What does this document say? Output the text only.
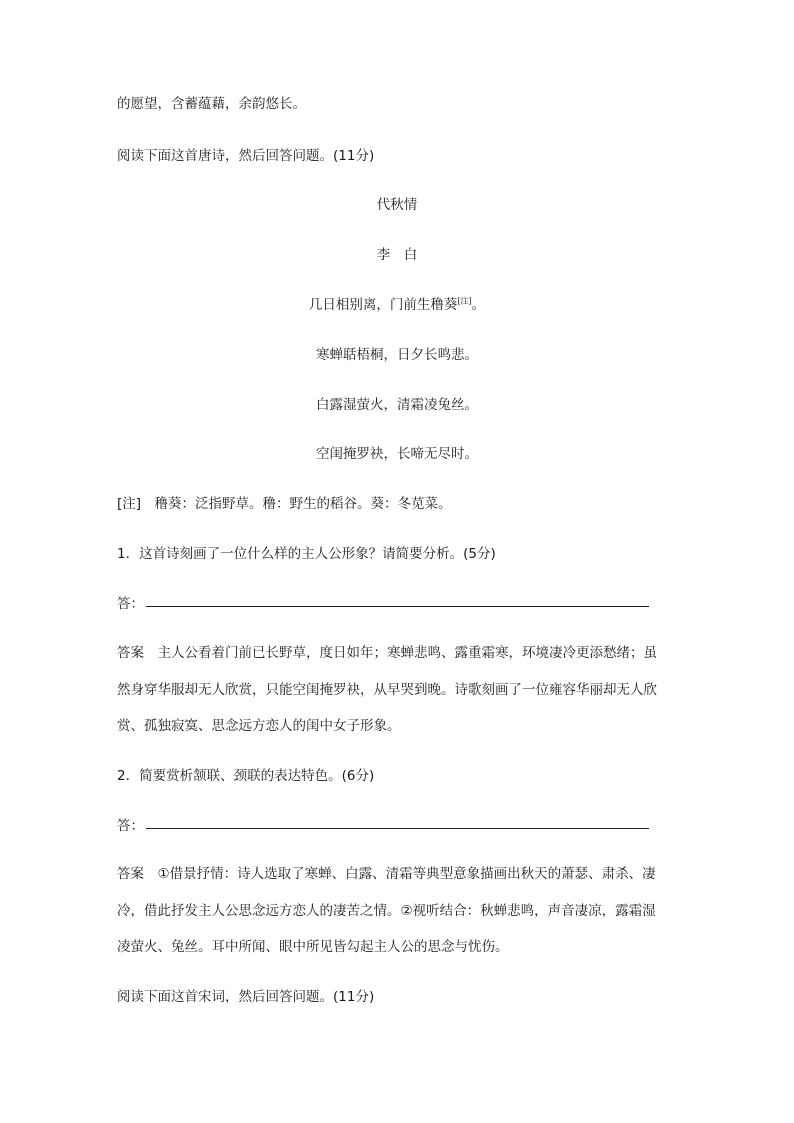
的愿望，含蓄蕴藉，余韵悠长。
阅读下面这首唐诗，然后回答问题。(11分)
代秋情
李　白
几日相别离，门前生穞葵[注]。
寒蝉聒梧桐，日夕长鸣悲。
白露湿萤火，清霜凌兔丝。
空闺掩罗袂，长啼无尽时。
[注]　穞葵：泛指野草。穞：野生的稻谷。葵：冬苋菜。
1．这首诗刻画了一位什么样的主人公形象？请简要分析。(5分)
答：
答案　主人公看着门前已长野草，度日如年；寒蝉悲鸣、露重霜寒，环境凄冷更添愁绪；虽
然身穿华服却无人欣赏，只能空闺掩罗袂，从早哭到晚。诗歌刻画了一位雍容华丽却无人欣
赏、孤独寂寞、思念远方恋人的闺中女子形象。
2．简要赏析颔联、颈联的表达特色。(6分)
答：
答案　①借景抒情：诗人选取了寒蝉、白露、清霜等典型意象描画出秋天的萧瑟、肃杀、凄
冷，借此抒发主人公思念远方恋人的凄苦之情。②视听结合：秋蝉悲鸣，声音凄凉，露霜湿
凌萤火、兔丝。耳中所闻、眼中所见皆勾起主人公的思念与忧伤。
阅读下面这首宋词，然后回答问题。(11分)
